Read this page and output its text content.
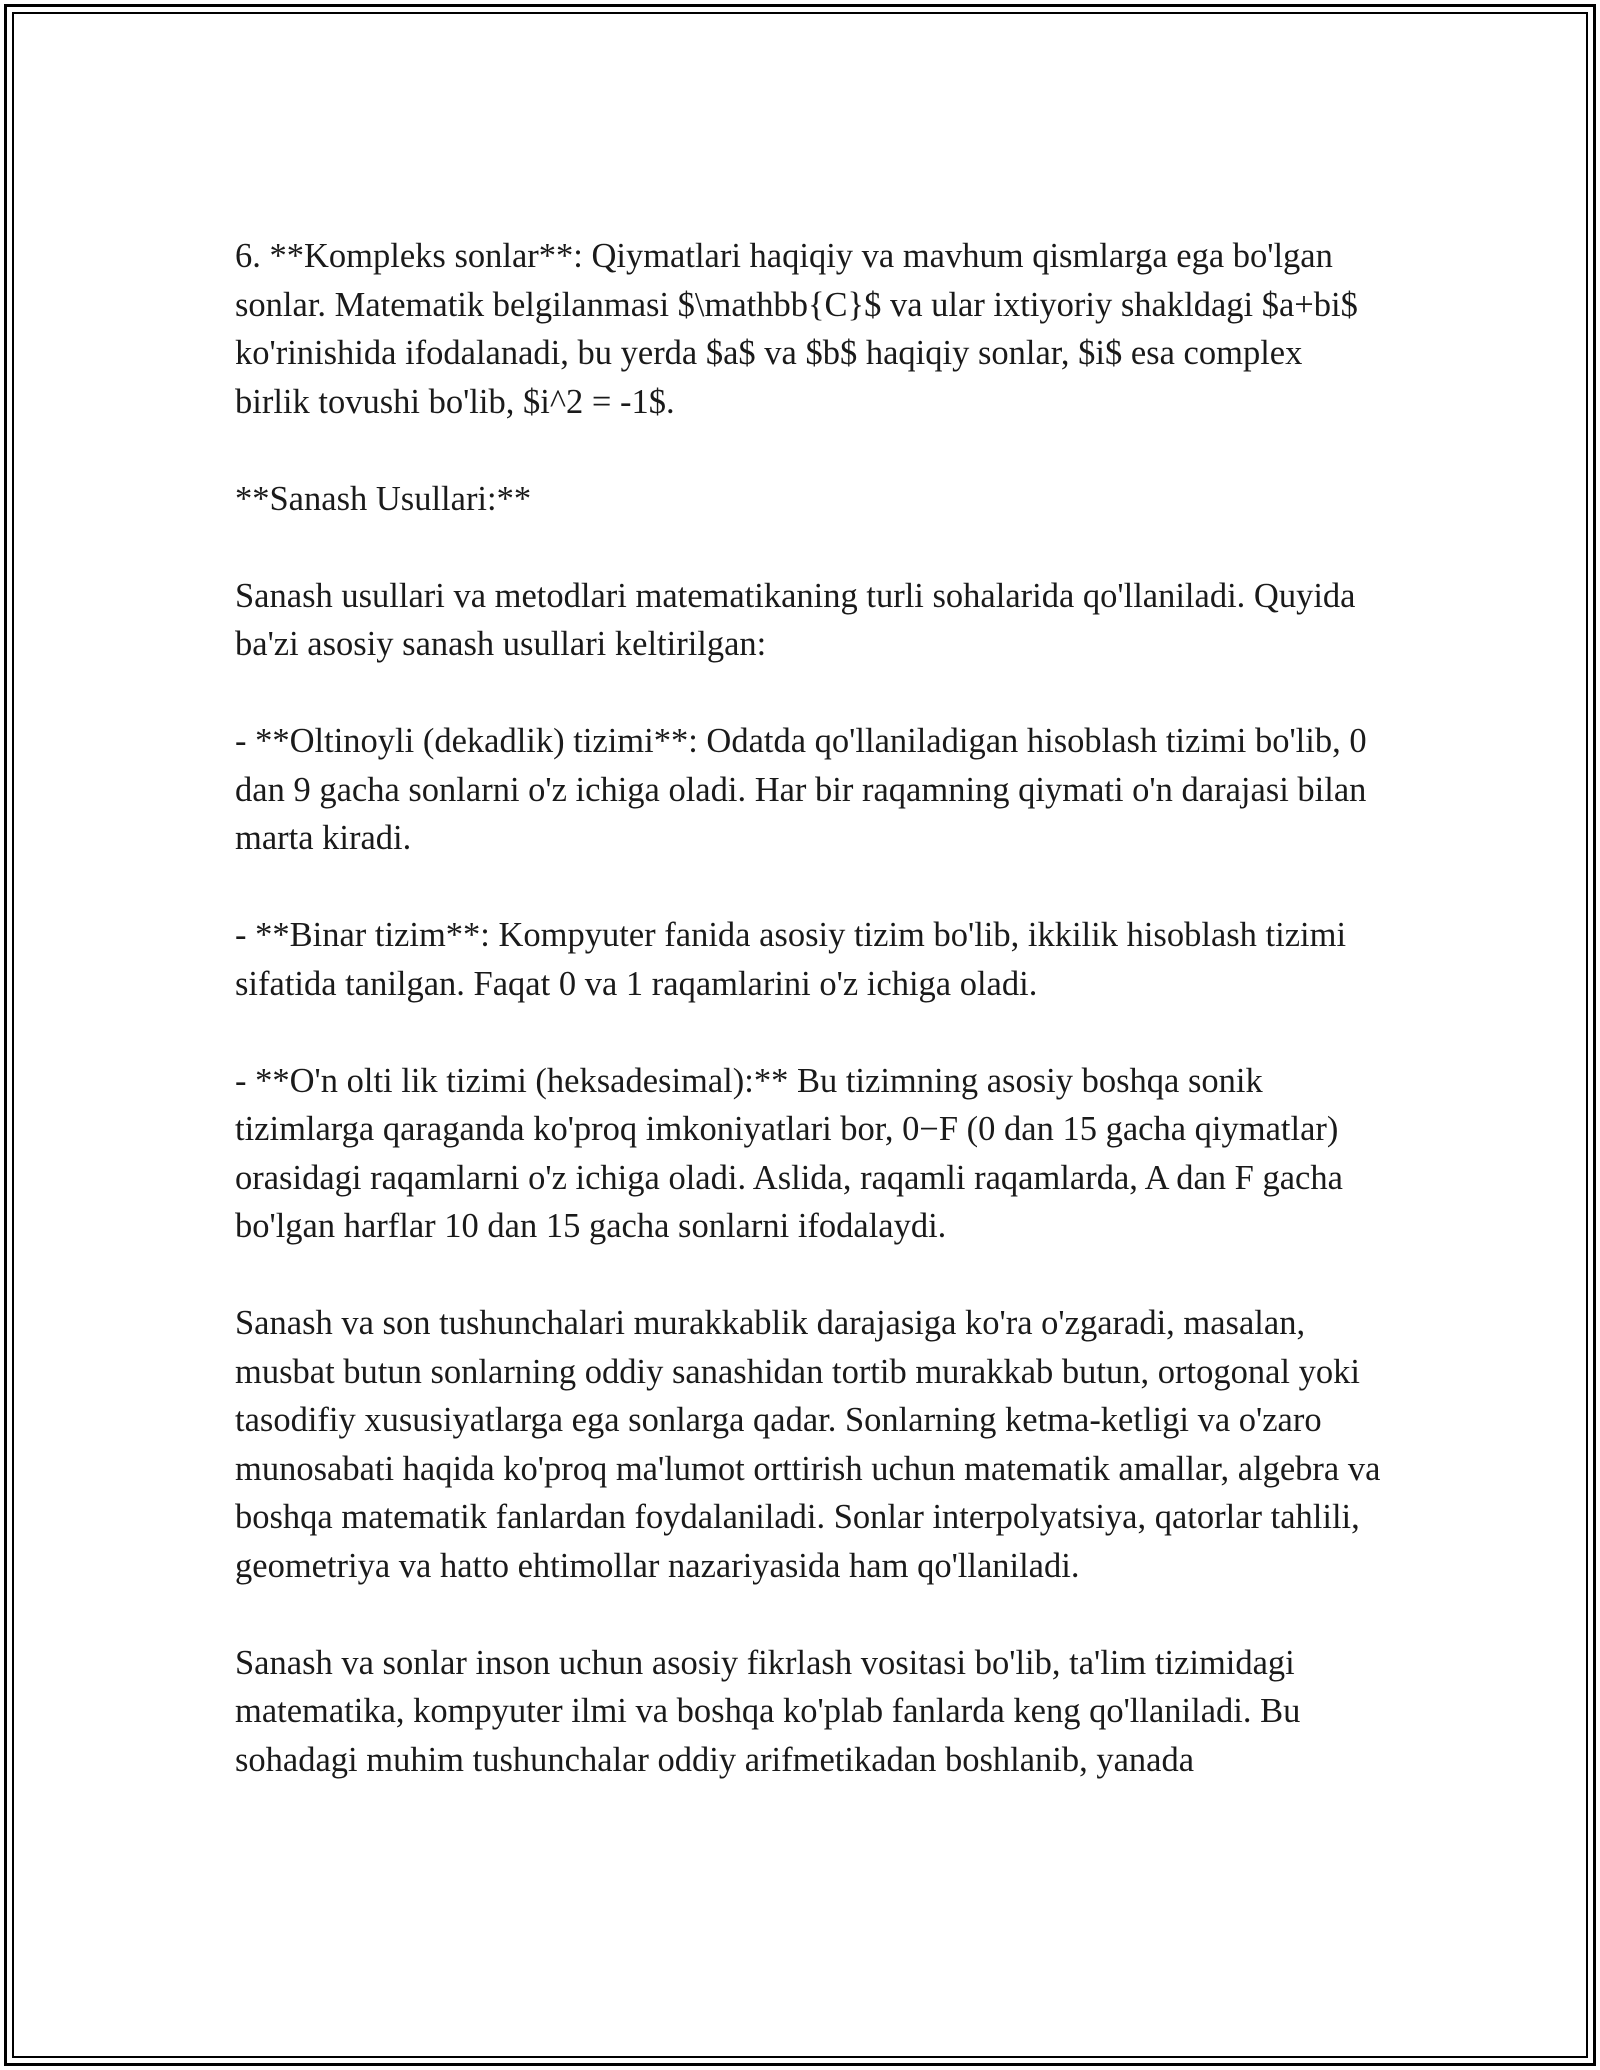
6. **Kompleks sonlar**: Qiymatlari haqiqiy va mavhum qismlarga ega bo'lgan sonlar. Matematik belgilanmasi $\mathbb{C}$ va ular ixtiyoriy shakldagi $a+bi$ ko'rinishida ifodalanadi, bu yerda $a$ va $b$ haqiqiy sonlar, $i$ esa complex birlik tovushi bo'lib, $i^2 = -1$.

**Sanash Usullari:**

Sanash usullari va metodlari matematikaning turli sohalarida qo'llaniladi. Quyida ba'zi asosiy sanash usullari keltirilgan:

- **Oltinoyli (dekadlik) tizimi**: Odatda qo'llaniladigan hisoblash tizimi bo'lib, 0 dan 9 gacha sonlarni o'z ichiga oladi. Har bir raqamning qiymati o'n darajasi bilan marta kiradi.

- **Binar tizim**: Kompyuter fanida asosiy tizim bo'lib, ikkilik hisoblash tizimi sifatida tanilgan. Faqat 0 va 1 raqamlarini o'z ichiga oladi.

- **O'n olti lik tizimi (heksadesimal):** Bu tizimning asosiy boshqa sonik tizimlarga qaraganda ko'proq imkoniyatlari bor, 0−F (0 dan 15 gacha qiymatlar) orasidagi raqamlarni o'z ichiga oladi. Aslida, raqamli raqamlarda, A dan F gacha bo'lgan harflar 10 dan 15 gacha sonlarni ifodalaydi.

Sanash va son tushunchalari murakkablik darajasiga ko'ra o'zgaradi, masalan, musbat butun sonlarning oddiy sanashidan tortib murakkab butun, ortogonal yoki tasodifiy xususiyatlarga ega sonlarga qadar. Sonlarning ketma-ketligi va o'zaro munosabati haqida ko'proq ma'lumot orttirish uchun matematik amallar, algebra va boshqa matematik fanlardan foydalaniladi. Sonlar interpolyatsiya, qatorlar tahlili, geometriya va hatto ehtimollar nazariyasida ham qo'llaniladi.

Sanash va sonlar inson uchun asosiy fikrlash vositasi bo'lib, ta'lim tizimidagi matematika, kompyuter ilmi va boshqa ko'plab fanlarda keng qo'llaniladi. Bu sohadagi muhim tushunchalar oddiy arifmetikadan boshlanib, yanada
